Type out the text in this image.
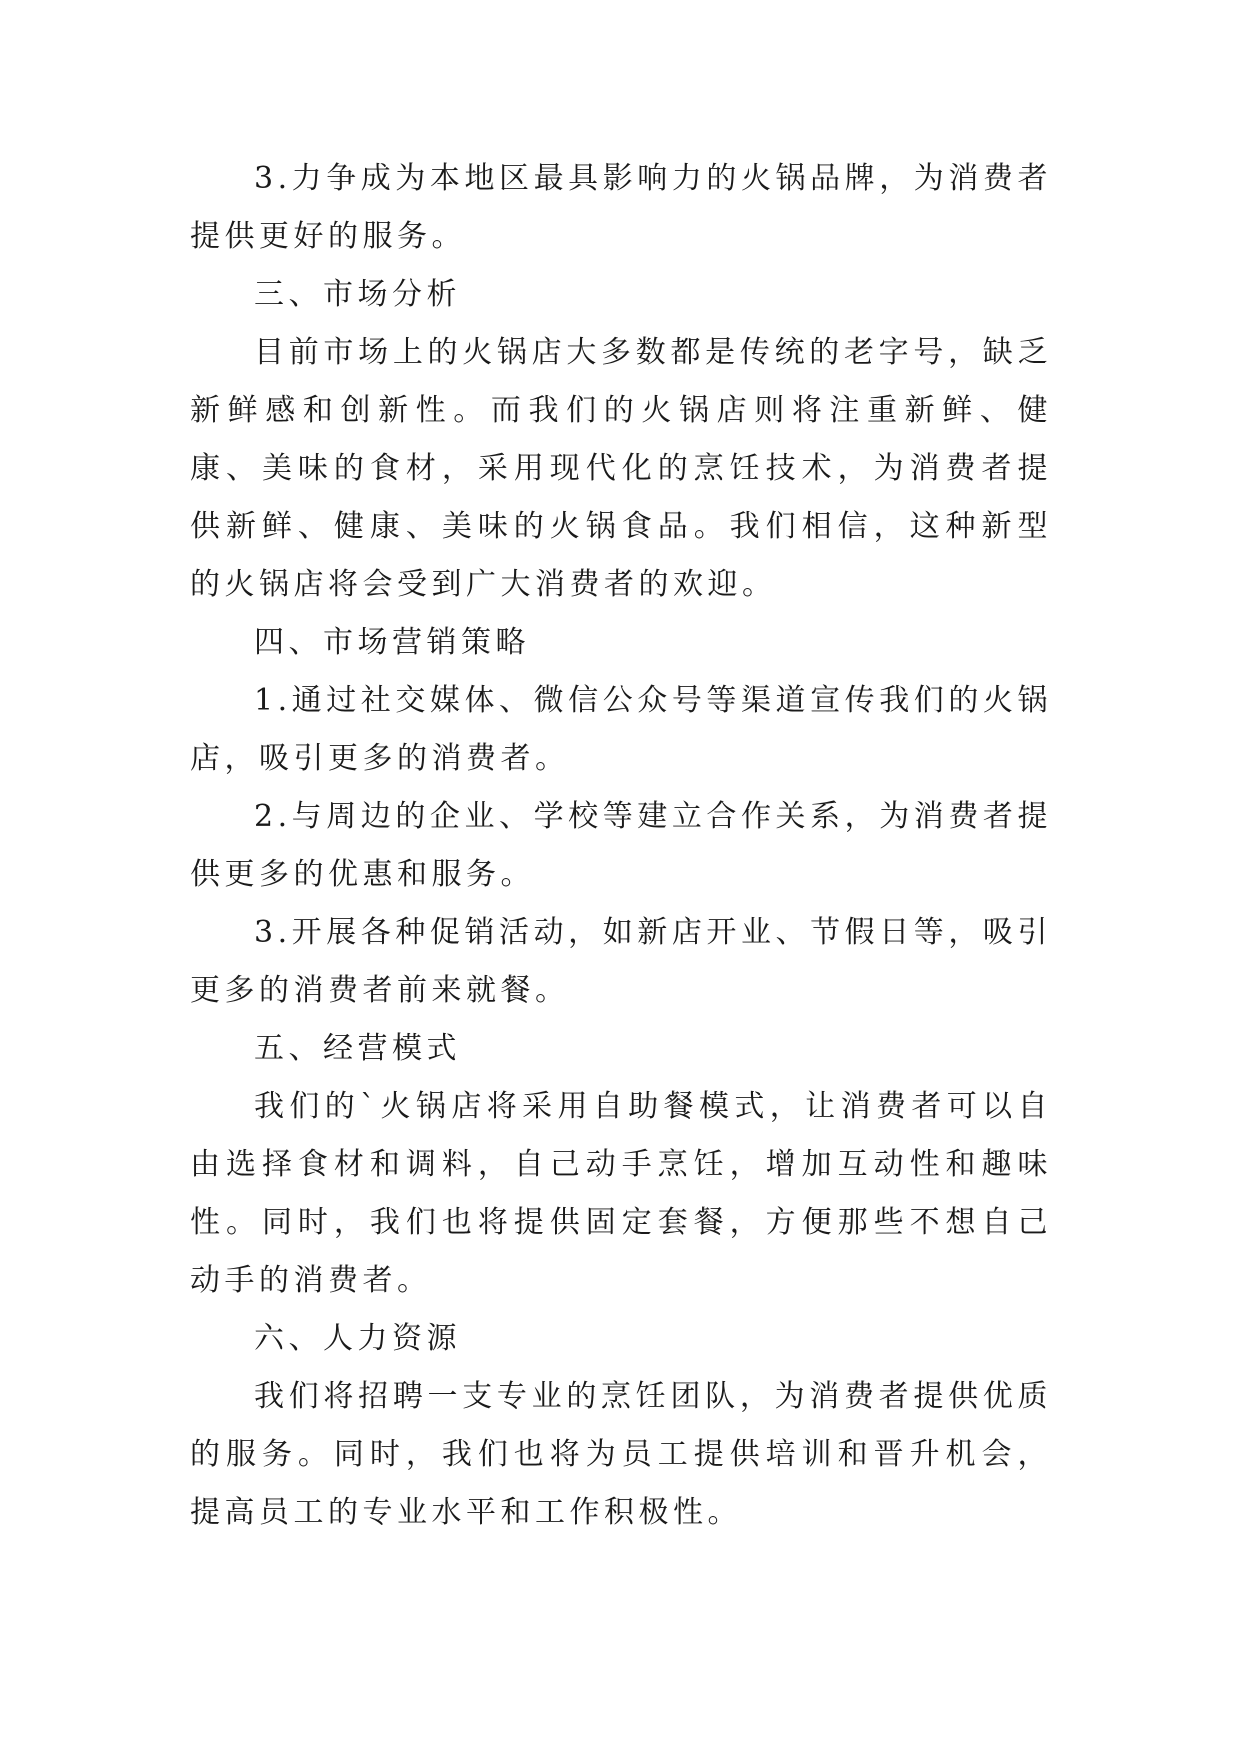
3.力争成为本地区最具影响力的火锅品牌，为消费者提供更好的服务。

三、市场分析

目前市场上的火锅店大多数都是传统的老字号，缺乏新鲜感和创新性。而我们的火锅店则将注重新鲜、健康、美味的食材，采用现代化的烹饪技术，为消费者提供新鲜、健康、美味的火锅食品。我们相信，这种新型的火锅店将会受到广大消费者的欢迎。

四、市场营销策略

1.通过社交媒体、微信公众号等渠道宣传我们的火锅店，吸引更多的消费者。

2.与周边的企业、学校等建立合作关系，为消费者提供更多的优惠和服务。

3.开展各种促销活动，如新店开业、节假日等，吸引更多的消费者前来就餐。

五、经营模式

我们的`火锅店将采用自助餐模式，让消费者可以自由选择食材和调料，自己动手烹饪，增加互动性和趣味性。同时，我们也将提供固定套餐，方便那些不想自己动手的消费者。

六、人力资源

我们将招聘一支专业的烹饪团队，为消费者提供优质的服务。同时，我们也将为员工提供培训和晋升机会，提高员工的专业水平和工作积极性。
